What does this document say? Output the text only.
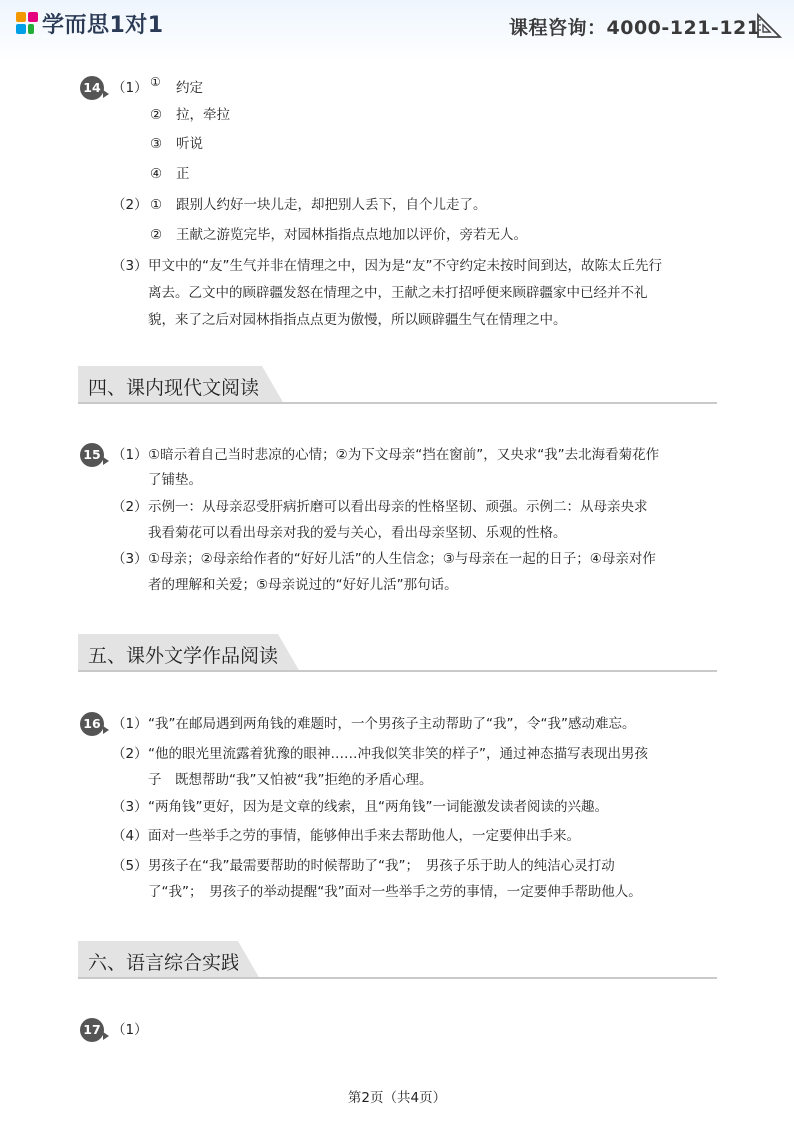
学而思1对1	课程咨询：4000-121-121
14 （1） ① 约定
② 拉，牵拉
③ 听说
④ 正
（2） ① 跟别人约好一块儿走，却把别人丢下，自个儿走了。
② 王献之游览完毕，对园林指指点点地加以评价，旁若无人。
（3） 甲文中的“友”生气并非在情理之中，因为是“友”不守约定未按时间到达，故陈太丘先行
离去。乙文中的顾辟疆发怒在情理之中，王献之未打招呼便来顾辟疆家中已经并不礼
貌，来了之后对园林指指点点更为傲慢，所以顾辟疆生气在情理之中。
四、课内现代文阅读
15 （1） ①暗示着自己当时悲凉的心情；②为下文母亲“挡在窗前”，又央求“我”去北海看菊花作
了铺垫。
（2） 示例一：从母亲忍受肝病折磨可以看出母亲的性格坚韧、顽强。示例二：从母亲央求
我看菊花可以看出母亲对我的爱与关心，看出母亲坚韧、乐观的性格。
（3） ①母亲；②母亲给作者的“好好儿活”的人生信念；③与母亲在一起的日子；④母亲对作
者的理解和关爱；⑤母亲说过的“好好儿活”那句话。
五、课外文学作品阅读
16 （1） “我”在邮局遇到两角钱的难题时，一个男孩子主动帮助了“我”，令“我”感动难忘。
（2） “他的眼光里流露着犹豫的眼神……冲我似笑非笑的样子”，通过神态描写表现出男孩
子　既想帮助“我”又怕被“我”拒绝的矛盾心理。
（3） “两角钱”更好，因为是文章的线索，且“两角钱”一词能激发读者阅读的兴趣。
（4） 面对一些举手之劳的事情，能够伸出手来去帮助他人，一定要伸出手来。
（5） 男孩子在“我”最需要帮助的时候帮助了“我”；　男孩子乐于助人的纯洁心灵打动
了“我”；　男孩子的举动提醒“我”面对一些举手之劳的事情，一定要伸手帮助他人。
六、语言综合实践
17 （1）
第2页（共4页）
